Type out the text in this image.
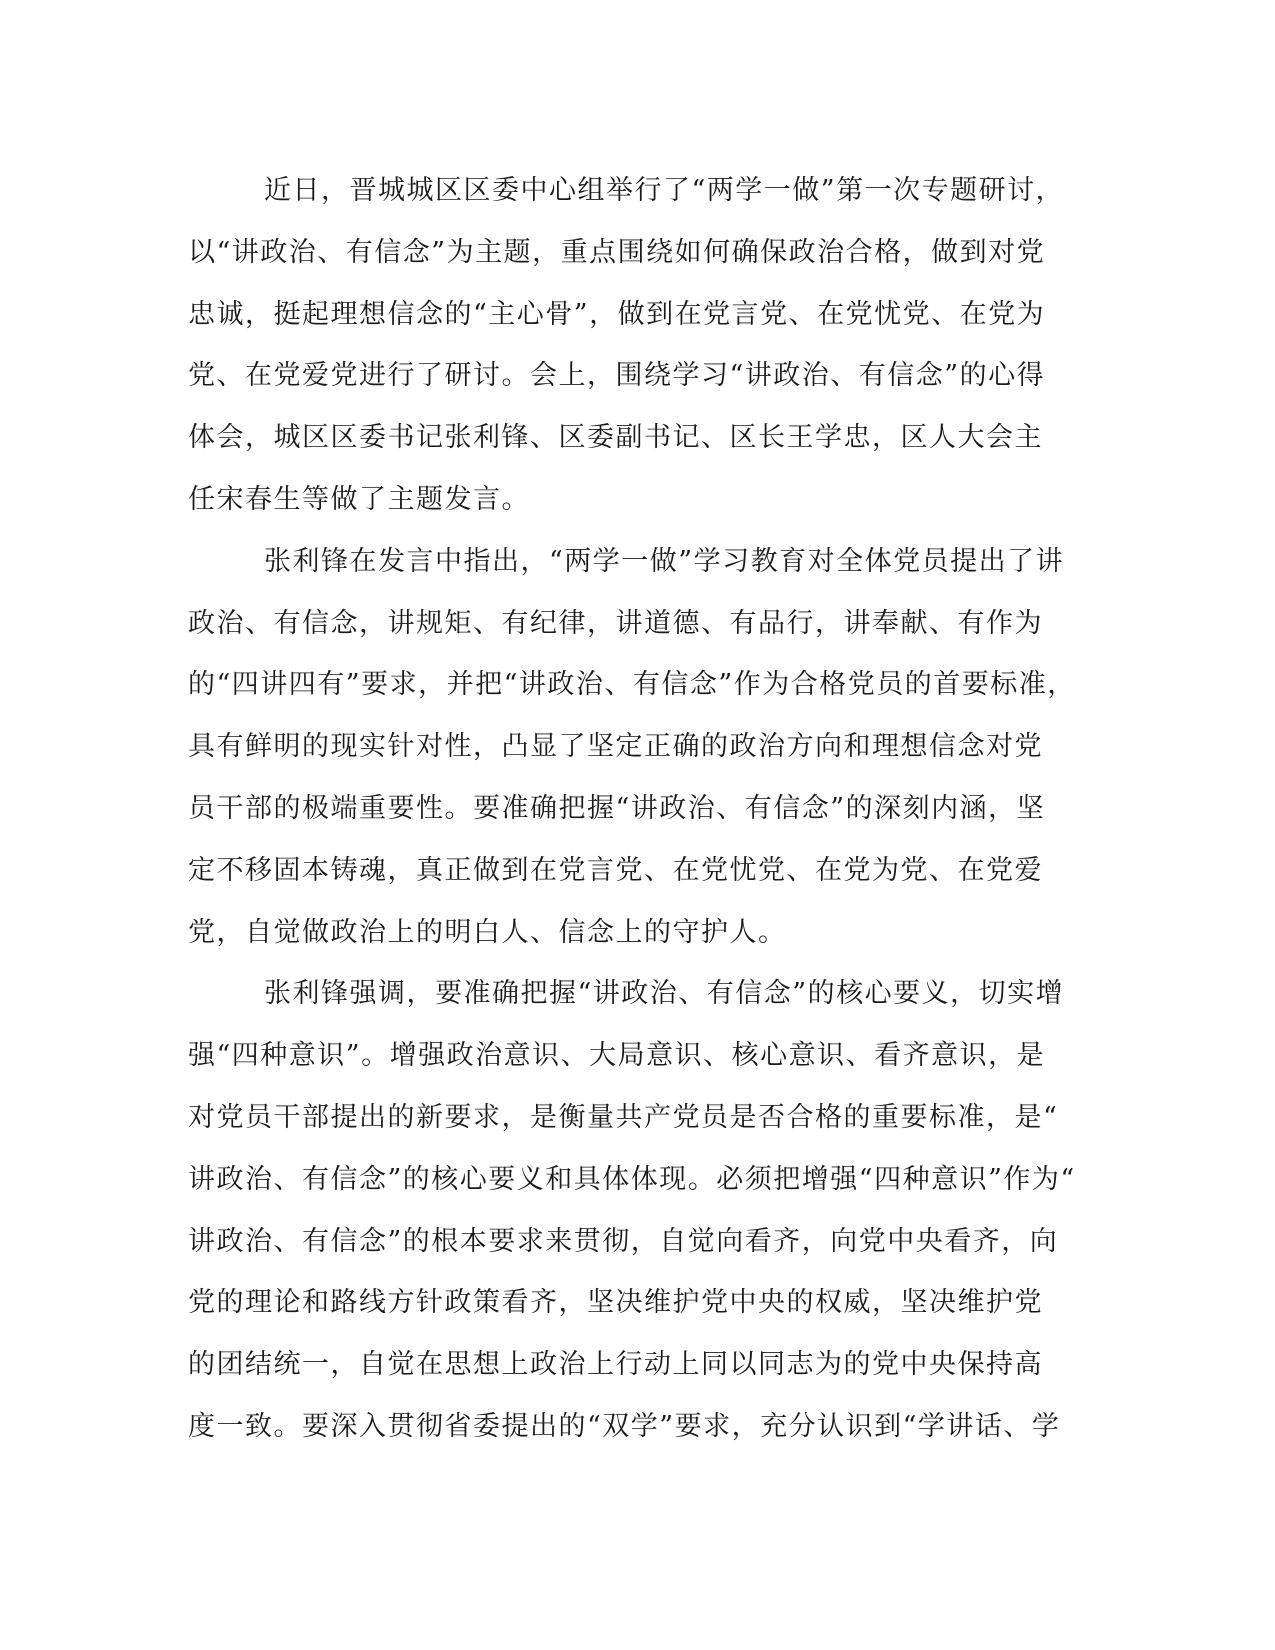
近日，晋城城区区委中心组举行了“两学一做”第一次专题研讨，
以“讲政治、有信念”为主题，重点围绕如何确保政治合格，做到对党
忠诚，挺起理想信念的“主心骨”，做到在党言党、在党忧党、在党为
党、在党爱党进行了研讨。会上，围绕学习“讲政治、有信念”的心得
体会，城区区委书记张利锋、区委副书记、区长王学忠，区人大会主
任宋春生等做了主题发言。
张利锋在发言中指出，“两学一做”学习教育对全体党员提出了讲
政治、有信念，讲规矩、有纪律，讲道德、有品行，讲奉献、有作为
的“四讲四有”要求，并把“讲政治、有信念”作为合格党员的首要标准，
具有鲜明的现实针对性，凸显了坚定正确的政治方向和理想信念对党
员干部的极端重要性。要准确把握“讲政治、有信念”的深刻内涵，坚
定不移固本铸魂，真正做到在党言党、在党忧党、在党为党、在党爱
党，自觉做政治上的明白人、信念上的守护人。
张利锋强调，要准确把握“讲政治、有信念”的核心要义，切实增
强“四种意识”。增强政治意识、大局意识、核心意识、看齐意识，是
对党员干部提出的新要求，是衡量共产党员是否合格的重要标准，是“
讲政治、有信念”的核心要义和具体体现。必须把增强“四种意识”作为“
讲政治、有信念”的根本要求来贯彻，自觉向看齐，向党中央看齐，向
党的理论和路线方针政策看齐，坚决维护党中央的权威，坚决维护党
的团结统一，自觉在思想上政治上行动上同以同志为的党中央保持高
度一致。要深入贯彻省委提出的“双学”要求，充分认识到“学讲话、学
